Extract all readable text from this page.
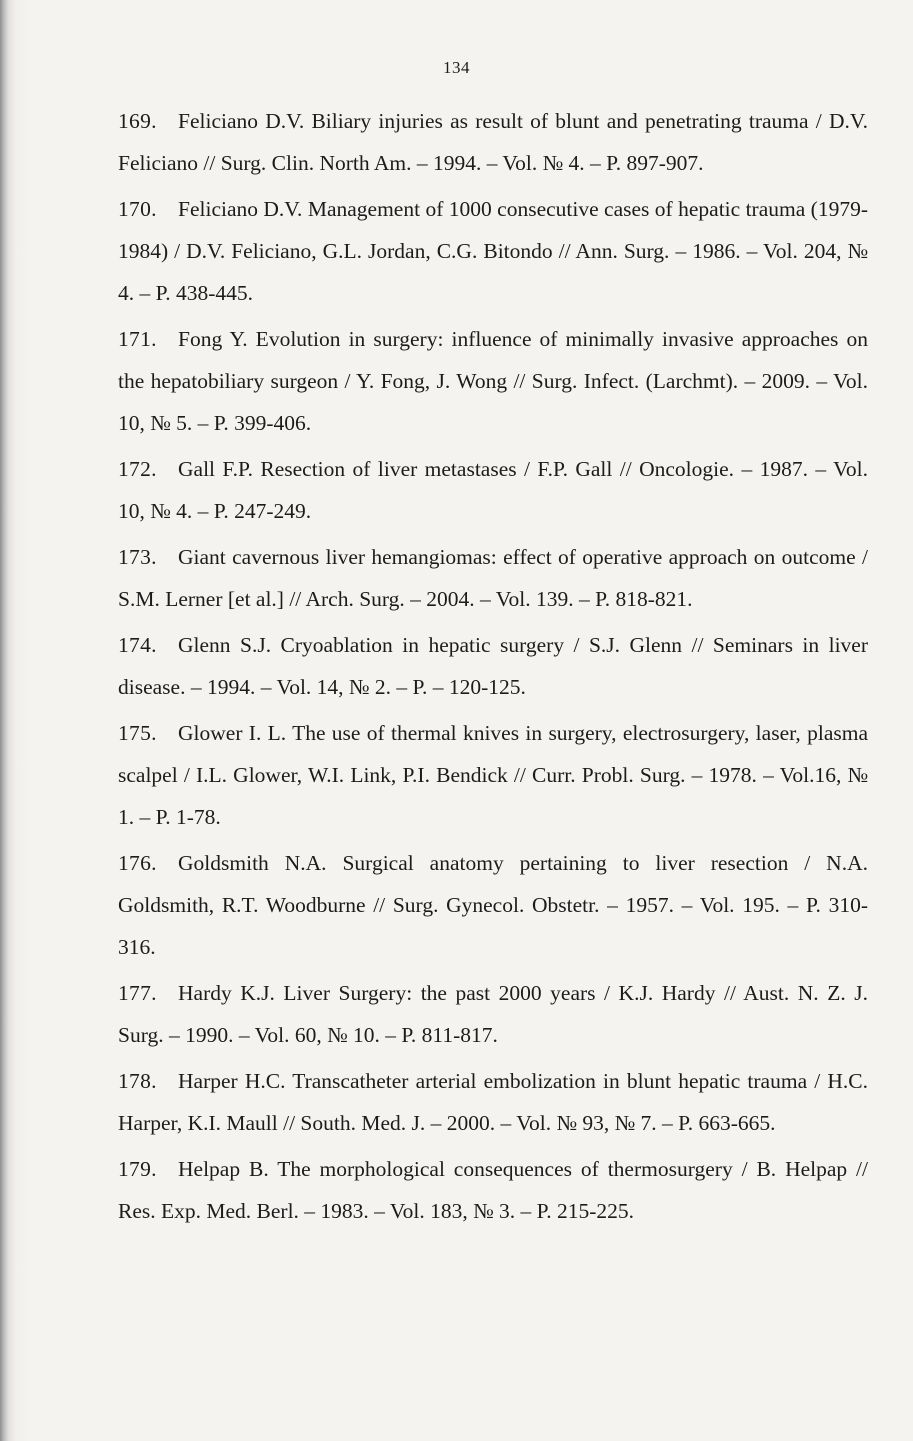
134

169. Feliciano D.V. Biliary injuries as result of blunt and penetrating trauma / D.V. Feliciano // Surg. Clin. North Am. – 1994. – Vol. № 4. – P. 897-907.

170. Feliciano D.V. Management of 1000 consecutive cases of hepatic trauma (1979-1984) / D.V. Feliciano, G.L. Jordan, C.G. Bitondo // Ann. Surg. – 1986. – Vol. 204, № 4. – P. 438-445.

171. Fong Y. Evolution in surgery: influence of minimally invasive approaches on the hepatobiliary surgeon / Y. Fong, J. Wong // Surg. Infect. (Larchmt). – 2009. – Vol. 10, № 5. – P. 399-406.

172. Gall F.P. Resection of liver metastases / F.P. Gall // Oncologie. – 1987. – Vol. 10, № 4. – P. 247-249.

173. Giant cavernous liver hemangiomas: effect of operative approach on outcome / S.M. Lerner [et al.] // Arch. Surg. – 2004. – Vol. 139. – P. 818-821.

174. Glenn S.J. Cryoablation in hepatic surgery / S.J. Glenn // Seminars in liver disease. – 1994. – Vol. 14, № 2. – P. – 120-125.

175. Glower I. L. The use of thermal knives in surgery, electrosurgery, laser, plasma scalpel / I.L. Glower, W.I. Link, P.I. Bendick // Curr. Probl. Surg. – 1978. – Vol.16, № 1. – P. 1-78.

176. Goldsmith N.A. Surgical anatomy pertaining to liver resection / N.A. Goldsmith, R.T. Woodburne // Surg. Gynecol. Obstetr. – 1957. – Vol. 195. – P. 310-316.

177. Hardy K.J. Liver Surgery: the past 2000 years / K.J. Hardy // Aust. N. Z. J. Surg. – 1990. – Vol. 60, № 10. – P. 811-817.

178. Harper H.C. Transcatheter arterial embolization in blunt hepatic trauma / H.C. Harper, K.I. Maull // South. Med. J. – 2000. – Vol. № 93, № 7. – P. 663-665.

179. Helpap B. The morphological consequences of thermosurgery / B. Helpap // Res. Exp. Med. Berl. – 1983. – Vol. 183, № 3. – P. 215-225.
